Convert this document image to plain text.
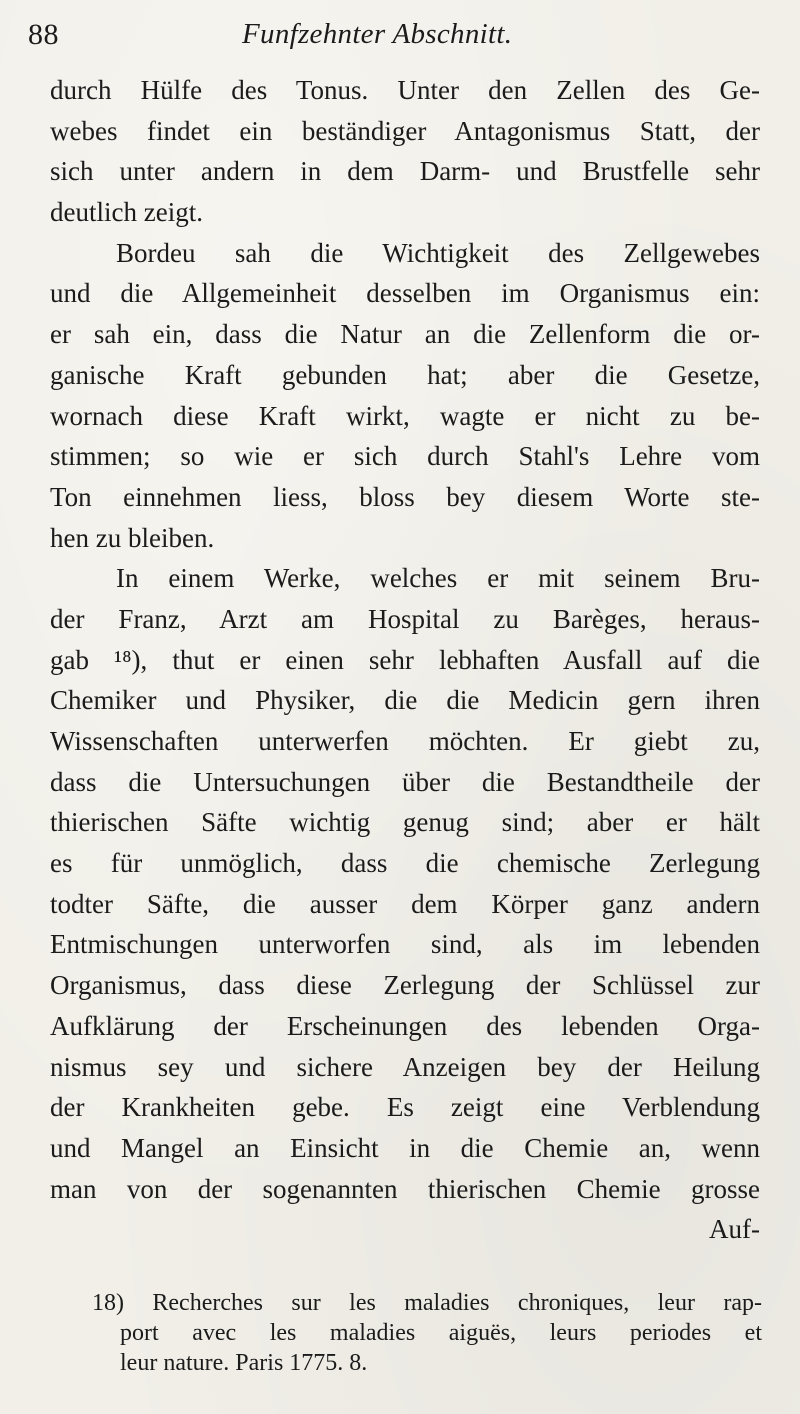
88	Funfzehnter Abschnitt.
durch Hülfe des Tonus. Unter den Zellen des Ge-
webes findet ein beständiger Antagonismus Statt, der
sich unter andern in dem Darm- und Brustfelle sehr
deutlich zeigt.
Bordeu sah die Wichtigkeit des Zellgewebes
und die Allgemeinheit desselben im Organismus ein:
er sah ein, dass die Natur an die Zellenform die or-
ganische Kraft gebunden hat; aber die Gesetze,
wornach diese Kraft wirkt, wagte er nicht zu be-
stimmen; so wie er sich durch Stahl's Lehre vom
Ton einnehmen liess, bloss bey diesem Worte ste-
hen zu bleiben.
In einem Werke, welches er mit seinem Bru-
der Franz, Arzt am Hospital zu Barèges, heraus-
gab ¹⁸), thut er einen sehr lebhaften Ausfall auf die
Chemiker und Physiker, die die Medicin gern ihren
Wissenschaften unterwerfen möchten. Er giebt zu,
dass die Untersuchungen über die Bestandtheile der
thierischen Säfte wichtig genug sind; aber er hält
es für unmöglich, dass die chemische Zerlegung
todter Säfte, die ausser dem Körper ganz andern
Entmischungen unterworfen sind, als im lebenden
Organismus, dass diese Zerlegung der Schlüssel zur
Aufklärung der Erscheinungen des lebenden Orga-
nismus sey und sichere Anzeigen bey der Heilung
der Krankheiten gebe. Es zeigt eine Verblendung
und Mangel an Einsicht in die Chemie an, wenn
man von der sogenannten thierischen Chemie grosse
Auf-
18) Recherches sur les maladies chroniques, leur rap-
port avec les maladies aiguës, leurs periodes et
leur nature. Paris 1775. 8.
